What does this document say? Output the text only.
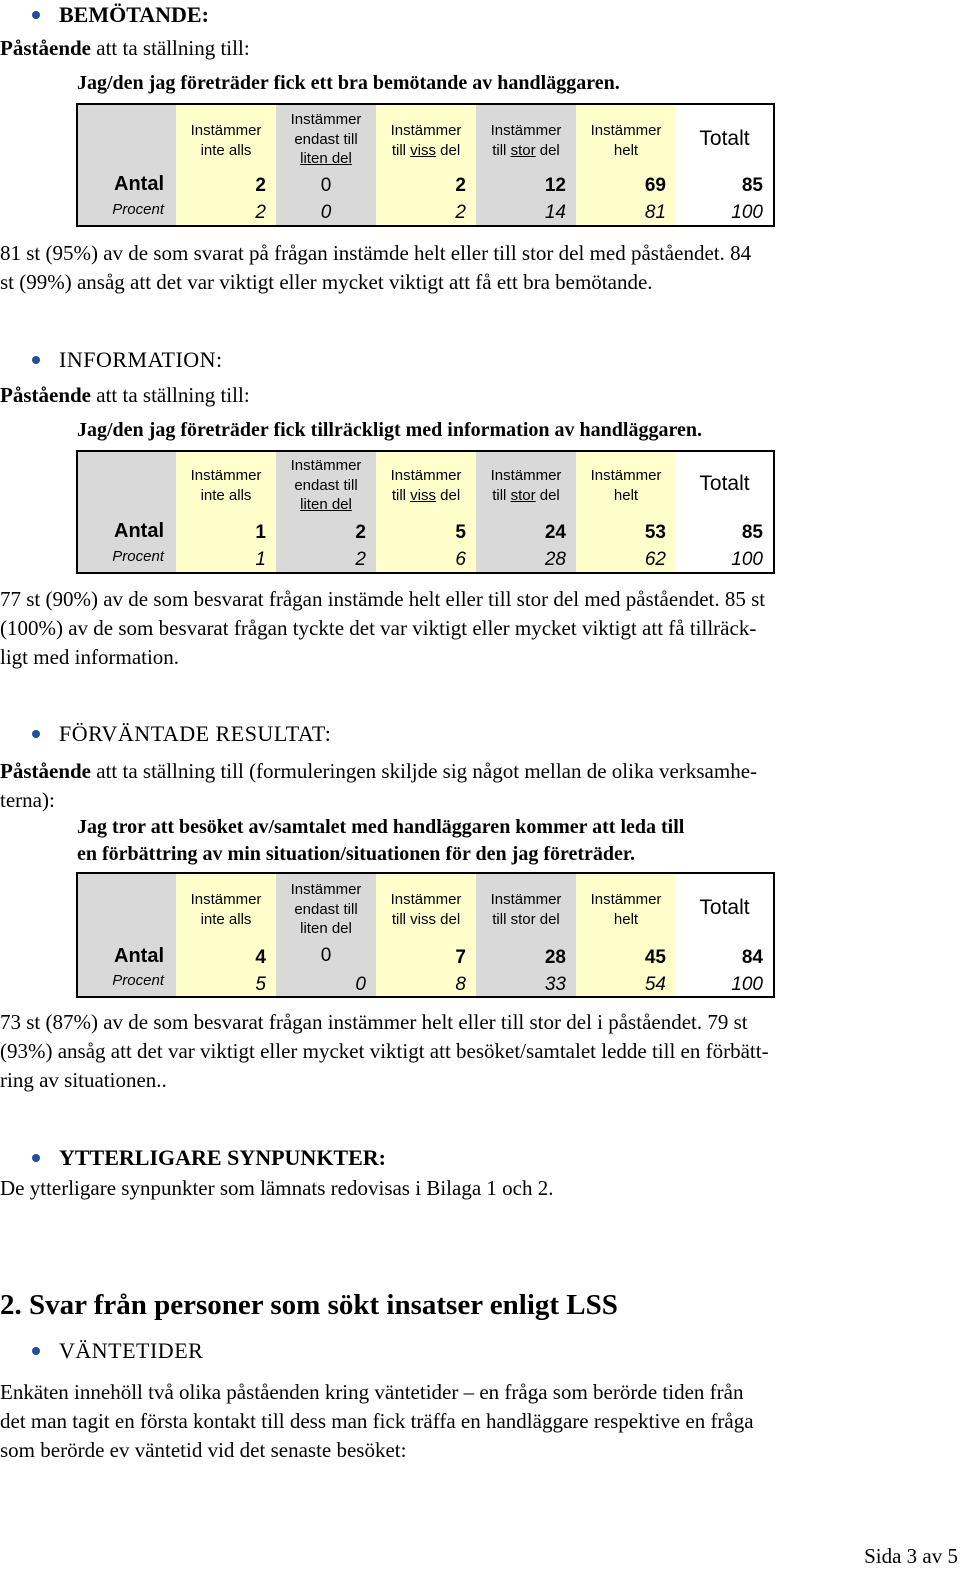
BEMÖTANDE:
Påstående att ta ställning till:
Jag/den jag företräder fick ett bra bemötande av handläggaren.
Instämmer
inte alls
2
2
Instämmer
endast till
liten del
0
0
Instämmer
till viss del
2
2
Instämmer
till stor del
12
14
Instämmer
helt
69
81
Totalt
85
100
Antal
Procent
81 st (95%) av de som svarat på frågan instämde helt eller till stor del med påståendet. 84
st (99%) ansåg att det var viktigt eller mycket viktigt att få ett bra bemötande.
INFORMATION:
Påstående att ta ställning till:
Jag/den jag företräder fick tillräckligt med information av handläggaren.
Instämmer
inte alls
1
1
Instämmer
endast till
liten del
2
2
Instämmer
till viss del
5
6
Instämmer
till stor del
24
28
Instämmer
helt
53
62
Totalt
85
100
Antal
Procent
77 st (90%) av de som besvarat frågan instämde helt eller till stor del med påståendet. 85 st
(100%) av de som besvarat frågan tyckte det var viktigt eller mycket viktigt att få tillräck-
ligt med information.
FÖRVÄNTADE RESULTAT:
Påstående att ta ställning till (formuleringen skiljde sig något mellan de olika verksamhe-
terna):
Jag tror att besöket av/samtalet med handläggaren kommer att leda till
en förbättring av min situation/situationen för den jag företräder.
Instämmer
inte alls
4
5
Instämmer
endast till
liten del
0
0
Instämmer
till viss del
7
8
Instämmer
till stor del
28
33
Instämmer
helt
45
54
Totalt
84
100
Antal
Procent
73 st (87%) av de som besvarat frågan instämmer helt eller till stor del i påståendet. 79 st
(93%) ansåg att det var viktigt eller mycket viktigt att besöket/samtalet ledde till en förbätt-
ring av situationen..
YTTERLIGARE SYNPUNKTER:
De ytterligare synpunkter som lämnats redovisas i Bilaga 1 och 2.
2. Svar från personer som sökt insatser enligt LSS
VÄNTETIDER
Enkäten innehöll två olika påståenden kring väntetider – en fråga som berörde tiden från
det man tagit en första kontakt till dess man fick träffa en handläggare respektive en fråga
som berörde ev väntetid vid det senaste besöket:
Sida 3 av 5
